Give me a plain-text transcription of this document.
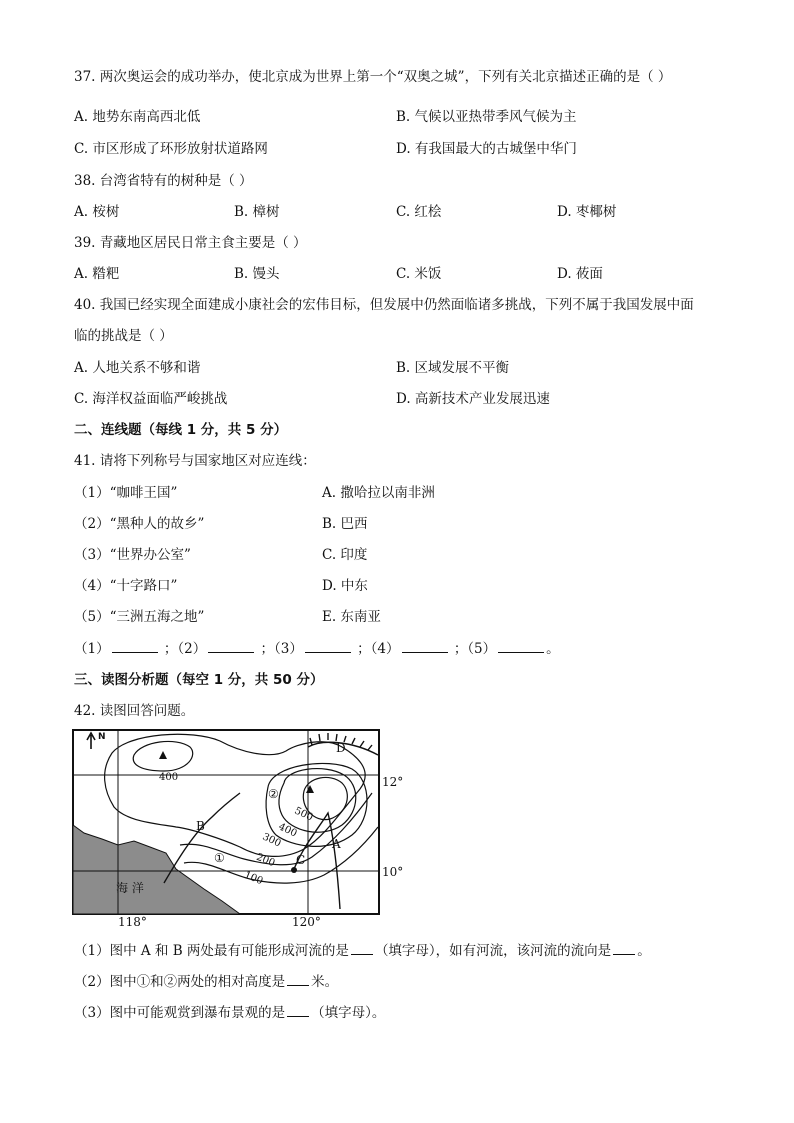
37. 两次奥运会的成功举办，使北京成为世界上第一个“双奥之城”，下列有关北京描述正确的是（ ）
A. 地势东南高西北低	B. 气候以亚热带季风气候为主
C. 市区形成了环形放射状道路网	D. 有我国最大的古城堡中华门
38. 台湾省特有的树种是（ ）
A. 桉树	B. 樟树	C. 红桧	D. 枣椰树
39. 青藏地区居民日常主食主要是（ ）
A. 糌粑	B. 馒头	C. 米饭	D. 莜面
40. 我国已经实现全面建成小康社会的宏伟目标，但发展中仍然面临诸多挑战，下列不属于我国发展中面
临的挑战是（ ）
A. 人地关系不够和谐	B. 区域发展不平衡
C. 海洋权益面临严峻挑战	D. 高新技术产业发展迅速
二、连线题（每线 1 分，共 5 分）
41. 请将下列称号与国家地区对应连线：
（1）“咖啡王国”	A. 撒哈拉以南非洲
（2）“黑种人的故乡”	B. 巴西
（3）“世界办公室”	C. 印度
（4）“十字路口”	D. 中东
（5）“三洲五海之地”	E. 东南亚
（1）	；（2）	；（3）	；（4）	；（5）	。
三、读图分析题（每空 1 分，共 50 分）
42. 读图回答问题。
N
400
500
400
300
200
100
B
A
C
D
①
②
海 洋
12°
10°
118°	120°
（1）图中 A 和 B 两处最有可能形成河流的是 （填字母），如有河流，该河流的流向是 。
（2）图中①和②两处的相对高度是 米。
（3）图中可能观赏到瀑布景观的是 （填字母）。
